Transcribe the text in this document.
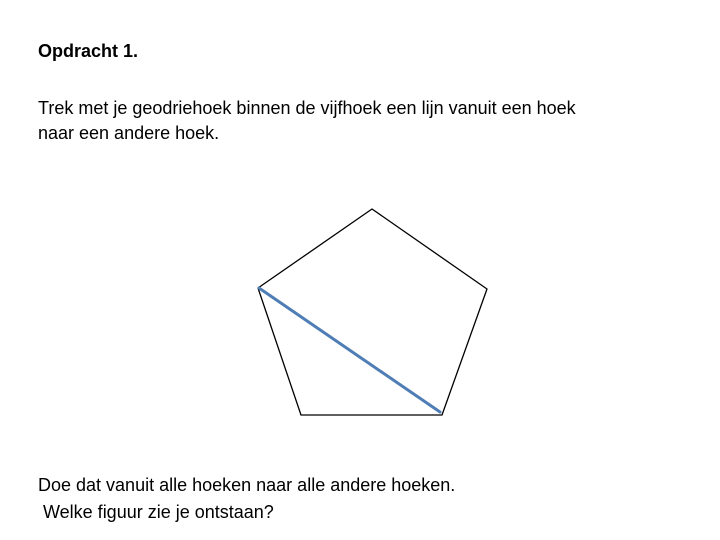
Opdracht 1.
Trek met je geodriehoek binnen de vijfhoek een lijn vanuit een hoek
naar een andere hoek.
Doe dat vanuit alle hoeken naar alle andere hoeken.
Welke figuur zie je ontstaan?
